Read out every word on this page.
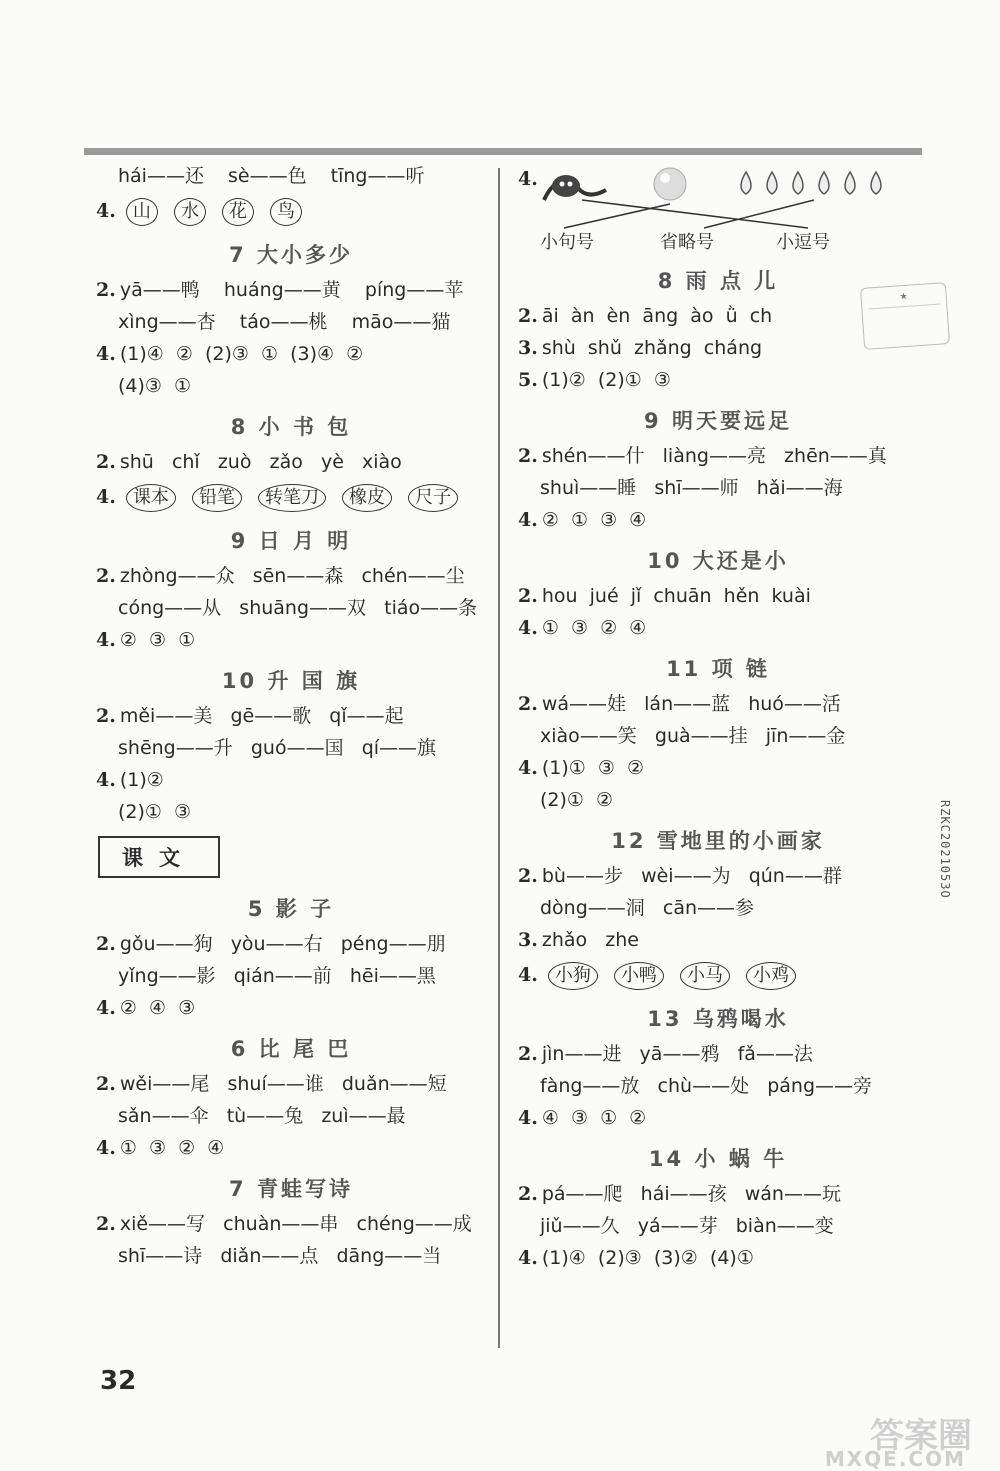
hái——还 sè——色 tīng——听
4. 山 水 花 鸟
7 大小多少
2. yā——鸭    huáng——黄    píng——苹
xìng——杏    táo——桃    māo——猫
4. (1)④  ②  (2)③  ①  (3)④  ②
(4)③  ①
8 小 书 包
2. shū   chǐ   zuò   zǎo   yè   xiào
4. 课本 铅笔 转笔刀 橡皮 尺子
9 日 月 明
2. zhòng——众   sēn——森   chén——尘
cóng——从   shuāng——双   tiáo——条
4. ②  ③  ①
10 升 国 旗
2. měi——美   gē——歌   qǐ——起
shēng——升   guó——国   qí——旗
4. (1)②
(2)①  ③
课文
5 影 子
2. gǒu——狗   yòu——右   péng——朋
yǐng——影   qián——前   hēi——黑
4. ②  ④  ③
6 比 尾 巴
2. wěi——尾   shuí——谁   duǎn——短
sǎn——伞   tù——兔   zuì——最
4. ①  ③  ②  ④
7 青蛙写诗
2. xiě——写   chuàn——串   chéng——成
shī——诗   diǎn——点   dāng——当
4.
小句号	省略号	小逗号
8 雨 点 儿
2. āi  àn  èn  āng  ào  ǜ  ch
3. shù  shǔ  zhǎng  cháng
5. (1)②  (2)①  ③
9 明天要远足
2. shén——什   liàng——亮   zhēn——真
shuì——睡   shī——师   hǎi——海
4. ②  ①  ③  ④
10 大还是小
2. hou  jué  jǐ  chuān  hěn  kuài
4. ①  ③  ②  ④
11 项 链
2. wá——娃   lán——蓝   huó——活
xiào——笑   guà——挂   jīn——金
4. (1)①  ③  ②
(2)①  ②
12 雪地里的小画家
2. bù——步   wèi——为   qún——群
dòng——洞   cān——参
3. zhǎo   zhe
4. 小狗 小鸭 小马 小鸡
13 乌鸦喝水
2. jìn——进   yā——鸦   fǎ——法
fàng——放   chù——处   páng——旁
4. ④  ③  ①  ②
14 小 蜗 牛
2. pá——爬   hái——孩   wán——玩
jiǔ——久   yá——芽   biàn——变
4. (1)④  (2)③  (3)②  (4)①
★
RZKC2021053O
32
答案圈
MXQE.COM
